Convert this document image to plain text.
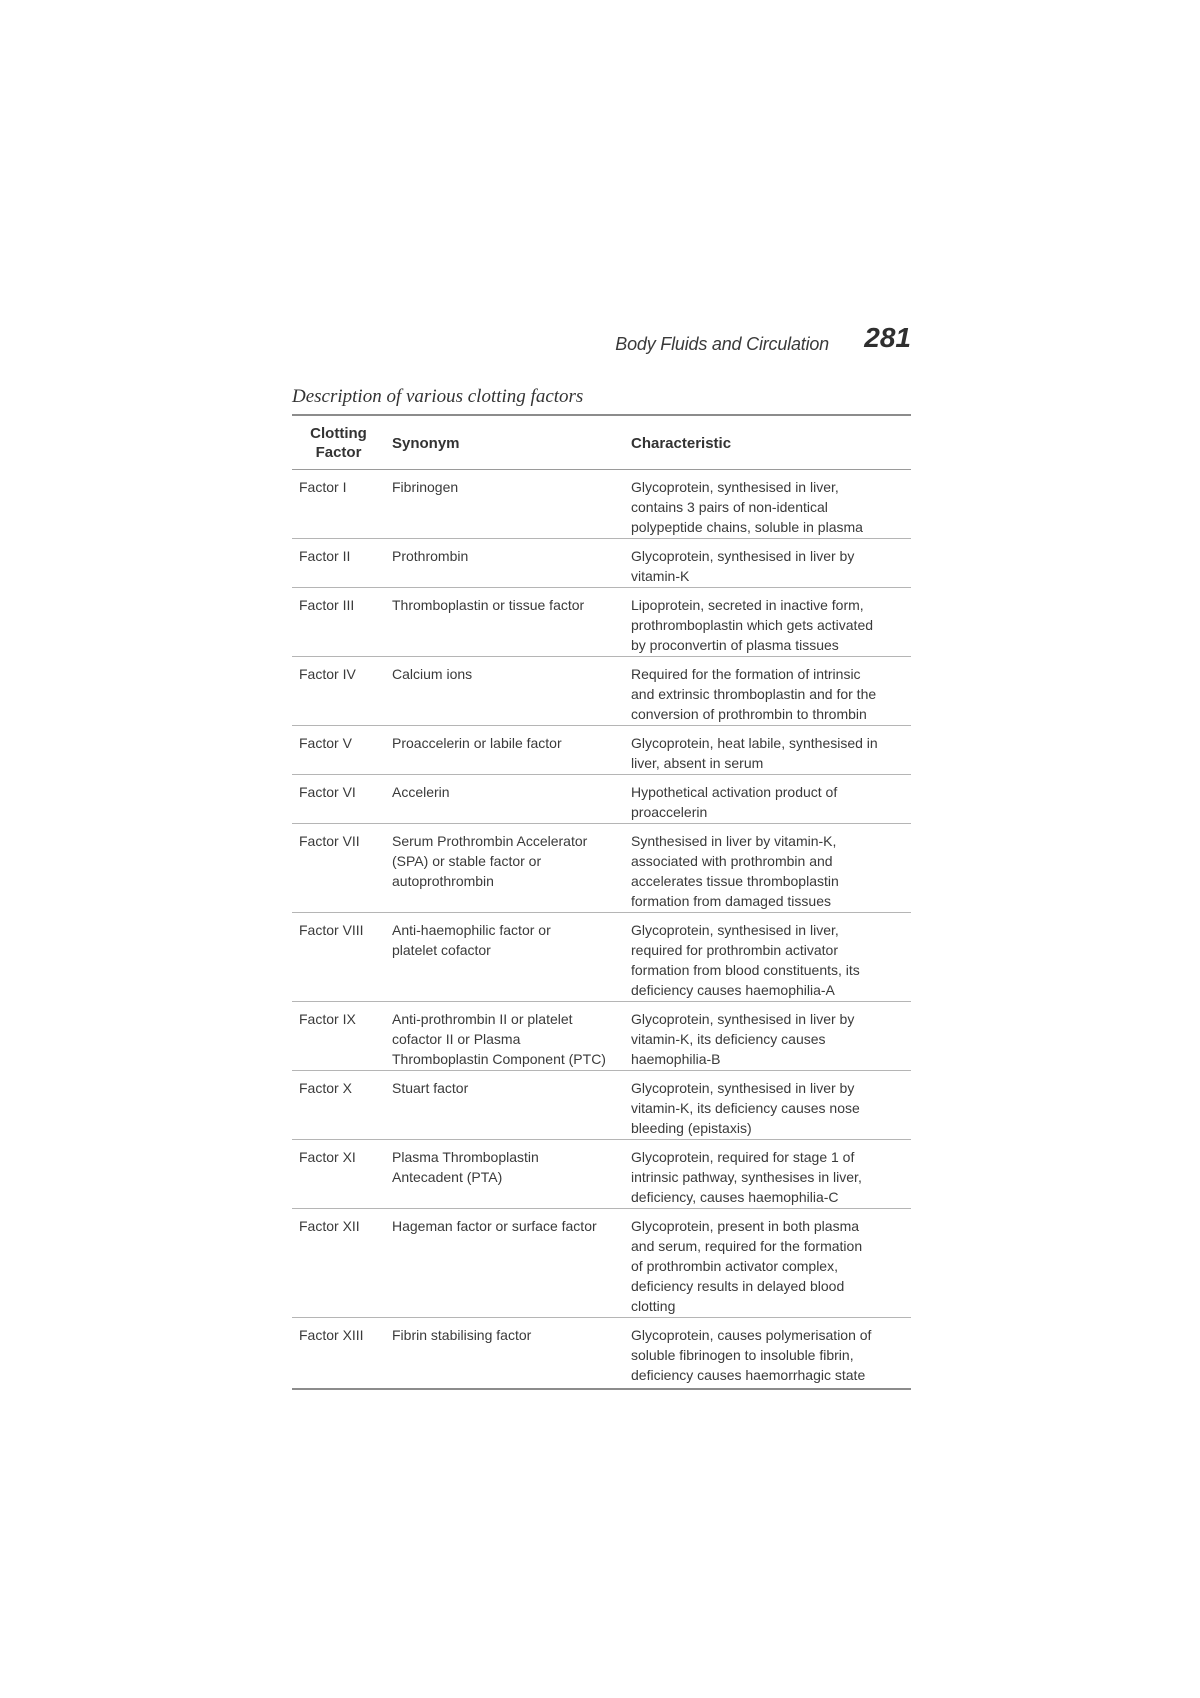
Body Fluids and Circulation 281
Description of various clotting factors
Clotting
Factor	Synonym	Characteristic
Factor I	Fibrinogen	Glycoprotein, synthesised in liver,
contains 3 pairs of non-identical
polypeptide chains, soluble in plasma

Factor II	Prothrombin	Glycoprotein, synthesised in liver by
vitamin-K

Factor III	Thromboplastin or tissue factor	Lipoprotein, secreted in inactive form,
prothromboplastin which gets activated
by proconvertin of plasma tissues

Factor IV	Calcium ions	Required for the formation of intrinsic
and extrinsic thromboplastin and for the
conversion of prothrombin to thrombin

Factor V	Proaccelerin or labile factor	Glycoprotein, heat labile, synthesised in
liver, absent in serum

Factor VI	Accelerin	Hypothetical activation product of
proaccelerin

Factor VII	Serum Prothrombin Accelerator
(SPA) or stable factor or
autoprothrombin	Synthesised in liver by vitamin-K,
associated with prothrombin and
accelerates tissue thromboplastin
formation from damaged tissues

Factor VIII	Anti-haemophilic factor or
platelet cofactor	Glycoprotein, synthesised in liver,
required for prothrombin activator
formation from blood constituents, its
deficiency causes haemophilia-A

Factor IX	Anti-prothrombin II or platelet
cofactor II or Plasma
Thromboplastin Component (PTC)	Glycoprotein, synthesised in liver by
vitamin-K, its deficiency causes
haemophilia-B

Factor X	Stuart factor	Glycoprotein, synthesised in liver by
vitamin-K, its deficiency causes nose
bleeding (epistaxis)

Factor XI	Plasma Thromboplastin
Antecadent (PTA)	Glycoprotein, required for stage 1 of
intrinsic pathway, synthesises in liver,
deficiency, causes haemophilia-C

Factor XII	Hageman factor or surface factor	Glycoprotein, present in both plasma
and serum, required for the formation
of prothrombin activator complex,
deficiency results in delayed blood
clotting

Factor XIII	Fibrin stabilising factor	Glycoprotein, causes polymerisation of
soluble fibrinogen to insoluble fibrin,
deficiency causes haemorrhagic state
